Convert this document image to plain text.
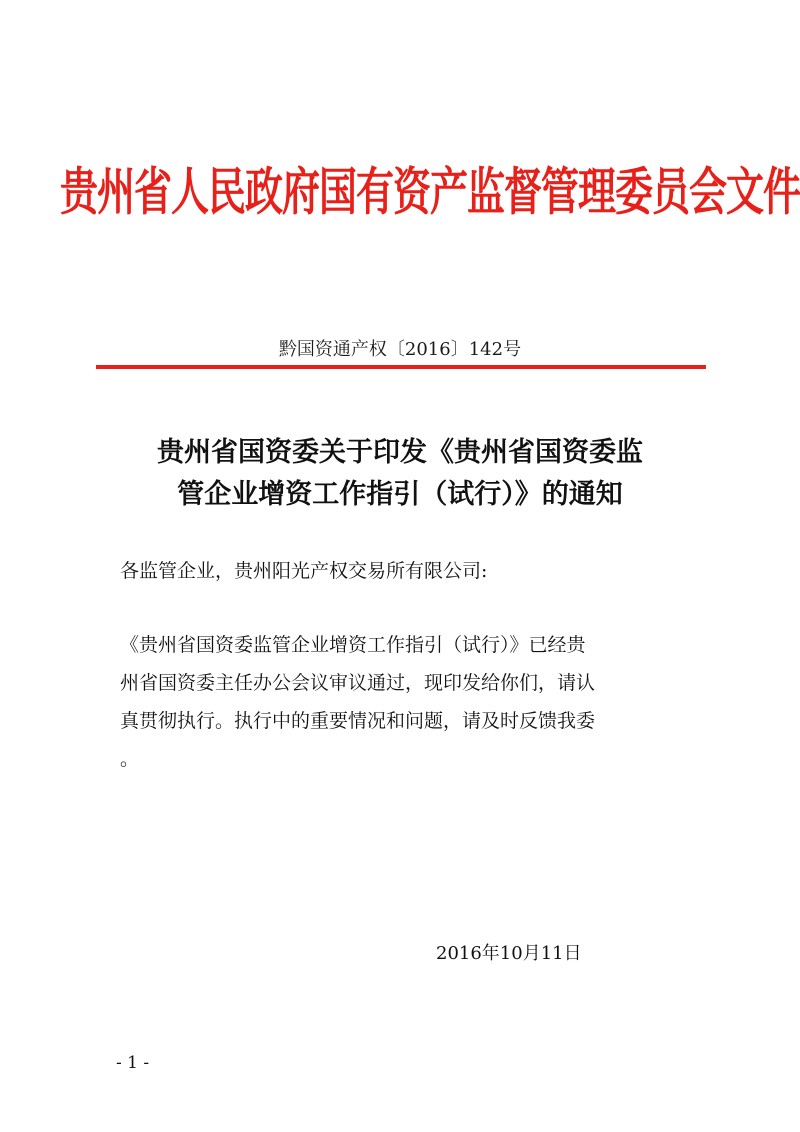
贵州省人民政府国有资产监督管理委员会文件
黔国资通产权〔2016〕142号
贵州省国资委关于印发《贵州省国资委监
管企业增资工作指引（试行）》的通知
各监管企业，贵州阳光产权交易所有限公司:
《贵州省国资委监管企业增资工作指引（试行）》已经贵
州省国资委主任办公会议审议通过，现印发给你们，请认
真贯彻执行。执行中的重要情况和问题，请及时反馈我委
。
2016年10月11日
- 1 -
